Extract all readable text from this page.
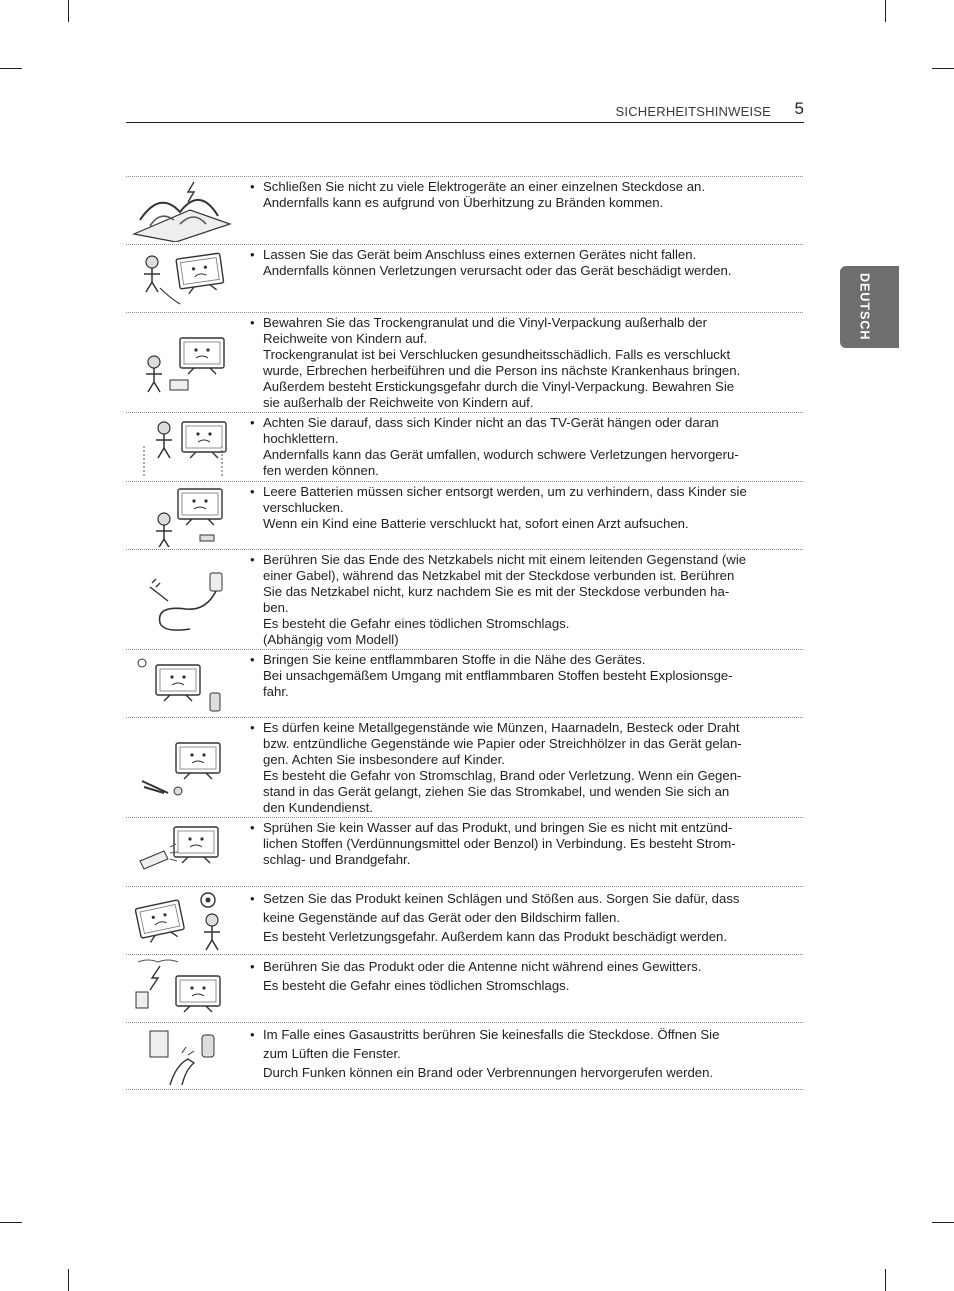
SICHERHEITSHINWEISE 5
DEUTSCH

• Schließen Sie nicht zu viele Elektrogeräte an einer einzelnen Steckdose an.

Andernfalls kann es aufgrund von Überhitzung zu Bränden kommen.

• Lassen Sie das Gerät beim Anschluss eines externen Gerätes nicht fallen.

Andernfalls können Verletzungen verursacht oder das Gerät beschädigt werden.

• Bewahren Sie das Trockengranulat und die Vinyl-Verpackung außerhalb der

Reichweite von Kindern auf.

Trockengranulat ist bei Verschlucken gesundheitsschädlich. Falls es verschluckt

wurde, Erbrechen herbeiführen und die Person ins nächste Krankenhaus bringen.

Außerdem besteht Erstickungsgefahr durch die Vinyl-Verpackung. Bewahren Sie

sie außerhalb der Reichweite von Kindern auf.

• Achten Sie darauf, dass sich Kinder nicht an das TV-Gerät hängen oder daran

hochklettern.

Andernfalls kann das Gerät umfallen, wodurch schwere Verletzungen hervorgeru-

fen werden können.

• Leere Batterien müssen sicher entsorgt werden, um zu verhindern, dass Kinder sie

verschlucken.

Wenn ein Kind eine Batterie verschluckt hat, sofort einen Arzt aufsuchen.

• Berühren Sie das Ende des Netzkabels nicht mit einem leitenden Gegenstand (wie

einer Gabel), während das Netzkabel mit der Steckdose verbunden ist. Berühren

Sie das Netzkabel nicht, kurz nachdem Sie es mit der Steckdose verbunden ha-

ben.

Es besteht die Gefahr eines tödlichen Stromschlags.

(Abhängig vom Modell)

• Bringen Sie keine entflammbaren Stoffe in die Nähe des Gerätes.

Bei unsachgemäßem Umgang mit entflammbaren Stoffen besteht Explosionsge-

fahr.

• Es dürfen keine Metallgegenstände wie Münzen, Haarnadeln, Besteck oder Draht

bzw. entzündliche Gegenstände wie Papier oder Streichhölzer in das Gerät gelan-

gen. Achten Sie insbesondere auf Kinder.

Es besteht die Gefahr von Stromschlag, Brand oder Verletzung. Wenn ein Gegen-

stand in das Gerät gelangt, ziehen Sie das Stromkabel, und wenden Sie sich an

den Kundendienst.

• Sprühen Sie kein Wasser auf das Produkt, und bringen Sie es nicht mit entzünd-

lichen Stoffen (Verdünnungsmittel oder Benzol) in Verbindung. Es besteht Strom-

schlag- und Brandgefahr.

• Setzen Sie das Produkt keinen Schlägen und Stößen aus. Sorgen Sie dafür, dass

keine Gegenstände auf das Gerät oder den Bildschirm fallen.

Es besteht Verletzungsgefahr. Außerdem kann das Produkt beschädigt werden.

• Berühren Sie das Produkt oder die Antenne nicht während eines Gewitters.

Es besteht die Gefahr eines tödlichen Stromschlags.

• Im Falle eines Gasaustritts berühren Sie keinesfalls die Steckdose. Öffnen Sie

zum Lüften die Fenster.

Durch Funken können ein Brand oder Verbrennungen hervorgerufen werden.
